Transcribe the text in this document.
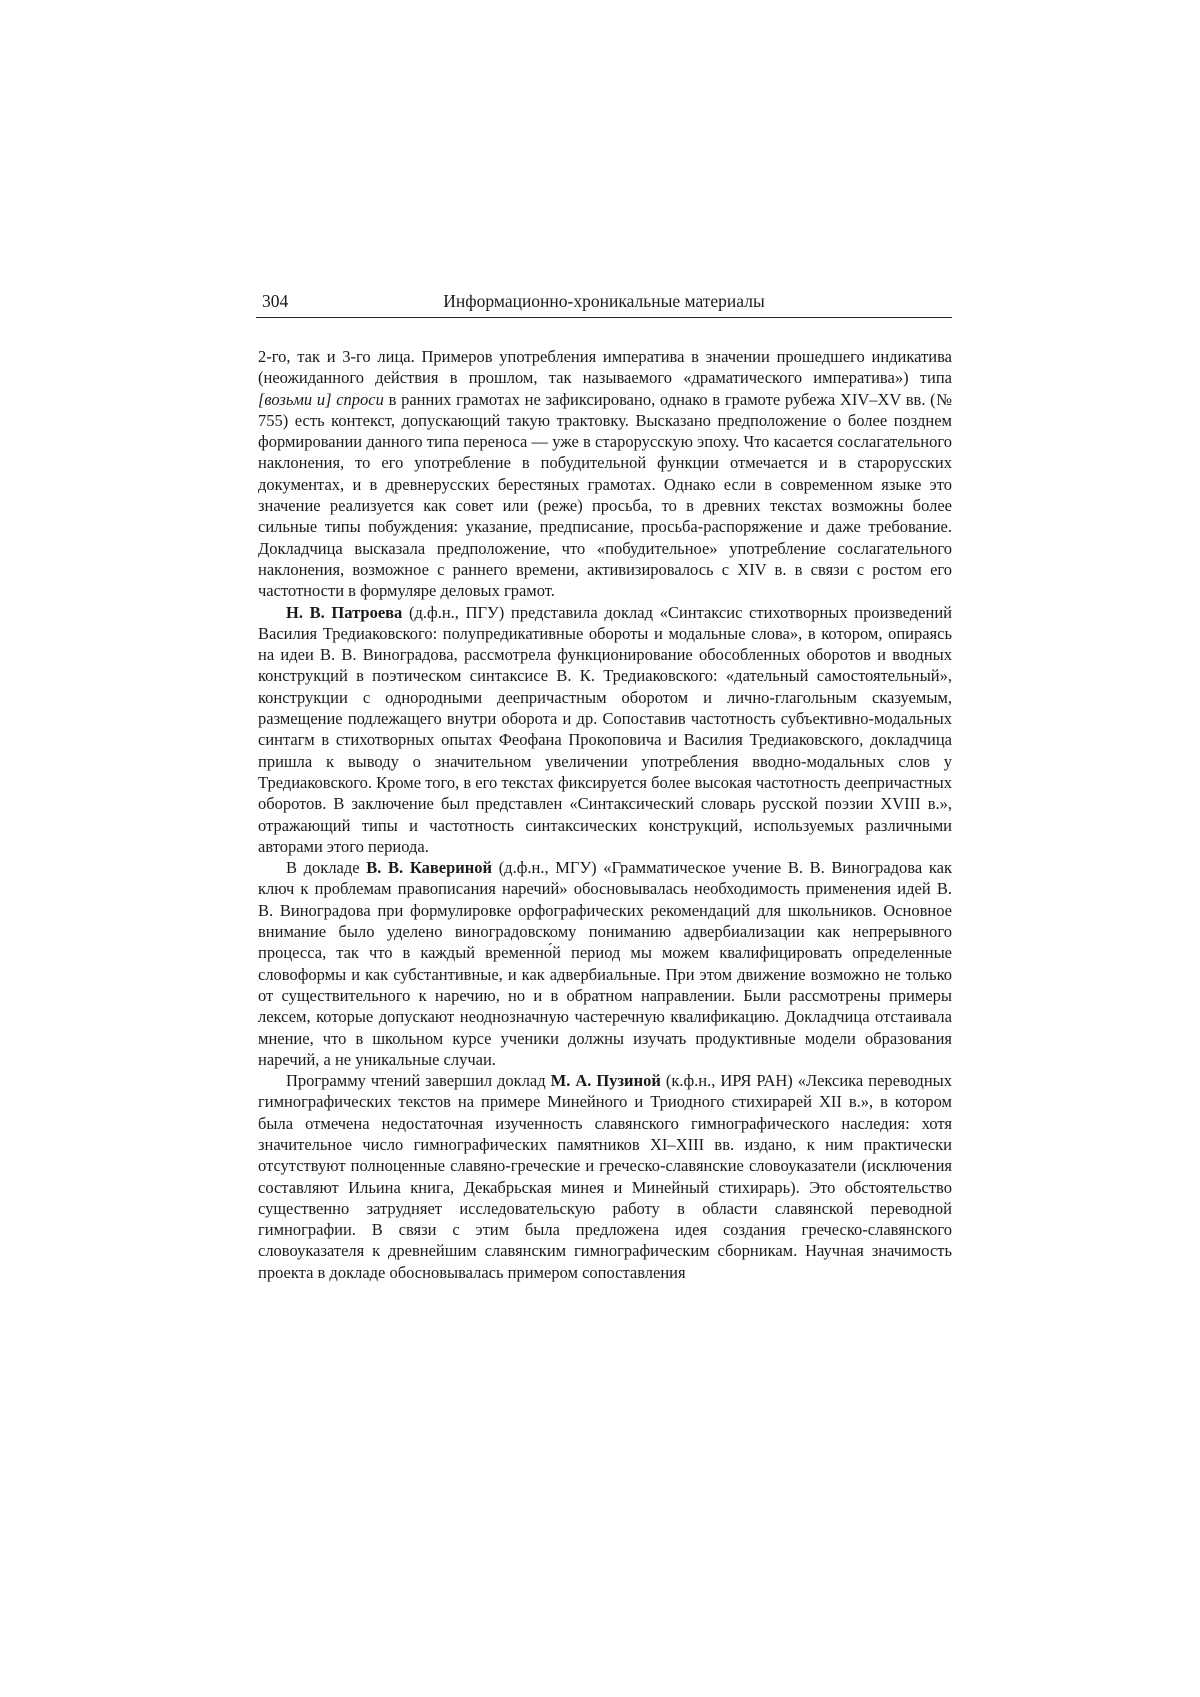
304	Информационно-хроникальные материалы

2-го, так и 3-го лица. Примеров употребления императива в значении прошедшего индикатива (неожиданного действия в прошлом, так называемого «драматического императива») типа [возьми и] спроси в ранних грамотах не зафиксировано, однако в грамоте рубежа XIV–XV вв. (№ 755) есть контекст, допускающий такую трактовку. Высказано предположение о более позднем формировании данного типа переноса — уже в старорусскую эпоху. Что касается сослагательного наклонения, то его употребление в побудительной функции отмечается и в старорусских документах, и в древнерусских берестяных грамотах. Однако если в современном языке это значение реализуется как совет или (реже) просьба, то в древних текстах возможны более сильные типы побуждения: указание, предписание, просьба-распоряжение и даже требование. Докладчица высказала предположение, что «побудительное» употребление сослагательного наклонения, возможное с раннего времени, активизировалось с XIV в. в связи с ростом его частотности в формуляре деловых грамот.

Н. В. Патроева (д.ф.н., ПГУ) представила доклад «Синтаксис стихотворных произведений Василия Тредиаковского: полупредикативные обороты и модальные слова», в котором, опираясь на идеи В. В. Виноградова, рассмотрела функционирование обособленных оборотов и вводных конструкций в поэтическом синтаксисе В. К. Тредиаковского: «дательный самостоятельный», конструкции с однородными деепричастным оборотом и лично-глагольным сказуемым, размещение подлежащего внутри оборота и др. Сопоставив частотность субъективно-модальных синтагм в стихотворных опытах Феофана Прокоповича и Василия Тредиаковского, докладчица пришла к выводу о значительном увеличении употребления вводно-модальных слов у Тредиаковского. Кроме того, в его текстах фиксируется более высокая частотность деепричастных оборотов. В заключение был представлен «Синтаксический словарь русской поэзии XVIII в.», отражающий типы и частотность синтаксических конструкций, используемых различными авторами этого периода.

В докладе В. В. Кавериной (д.ф.н., МГУ) «Грамматическое учение В. В. Виноградова как ключ к проблемам правописания наречий» обосновывалась необходимость применения идей В. В. Виноградова при формулировке орфографических рекомендаций для школьников. Основное внимание было уделено виноградовскому пониманию адвербиализации как непрерывного процесса, так что в каждый временно́й период мы можем квалифицировать определенные словоформы и как субстантивные, и как адвербиальные. При этом движение возможно не только от существительного к наречию, но и в обратном направлении. Были рассмотрены примеры лексем, которые допускают неоднозначную частеречную квалификацию. Докладчица отстаивала мнение, что в школьном курсе ученики должны изучать продуктивные модели образования наречий, а не уникальные случаи.

Программу чтений завершил доклад М. А. Пузиной (к.ф.н., ИРЯ РАН) «Лексика переводных гимнографических текстов на примере Минейного и Триодного стихирарей XII в.», в котором была отмечена недостаточная изученность славянского гимнографического наследия: хотя значительное число гимнографических памятников XI–XIII вв. издано, к ним практически отсутствуют полноценные славяно-греческие и греческо-славянские словоуказатели (исключения составляют Ильина книга, Декабрьская минея и Минейный стихирарь). Это обстоятельство существенно затрудняет исследовательскую работу в области славянской переводной гимнографии. В связи с этим была предложена идея создания греческо-славянского словоуказателя к древнейшим славянским гимнографическим сборникам. Научная значимость проекта в докладе обосновывалась примером сопоставления
